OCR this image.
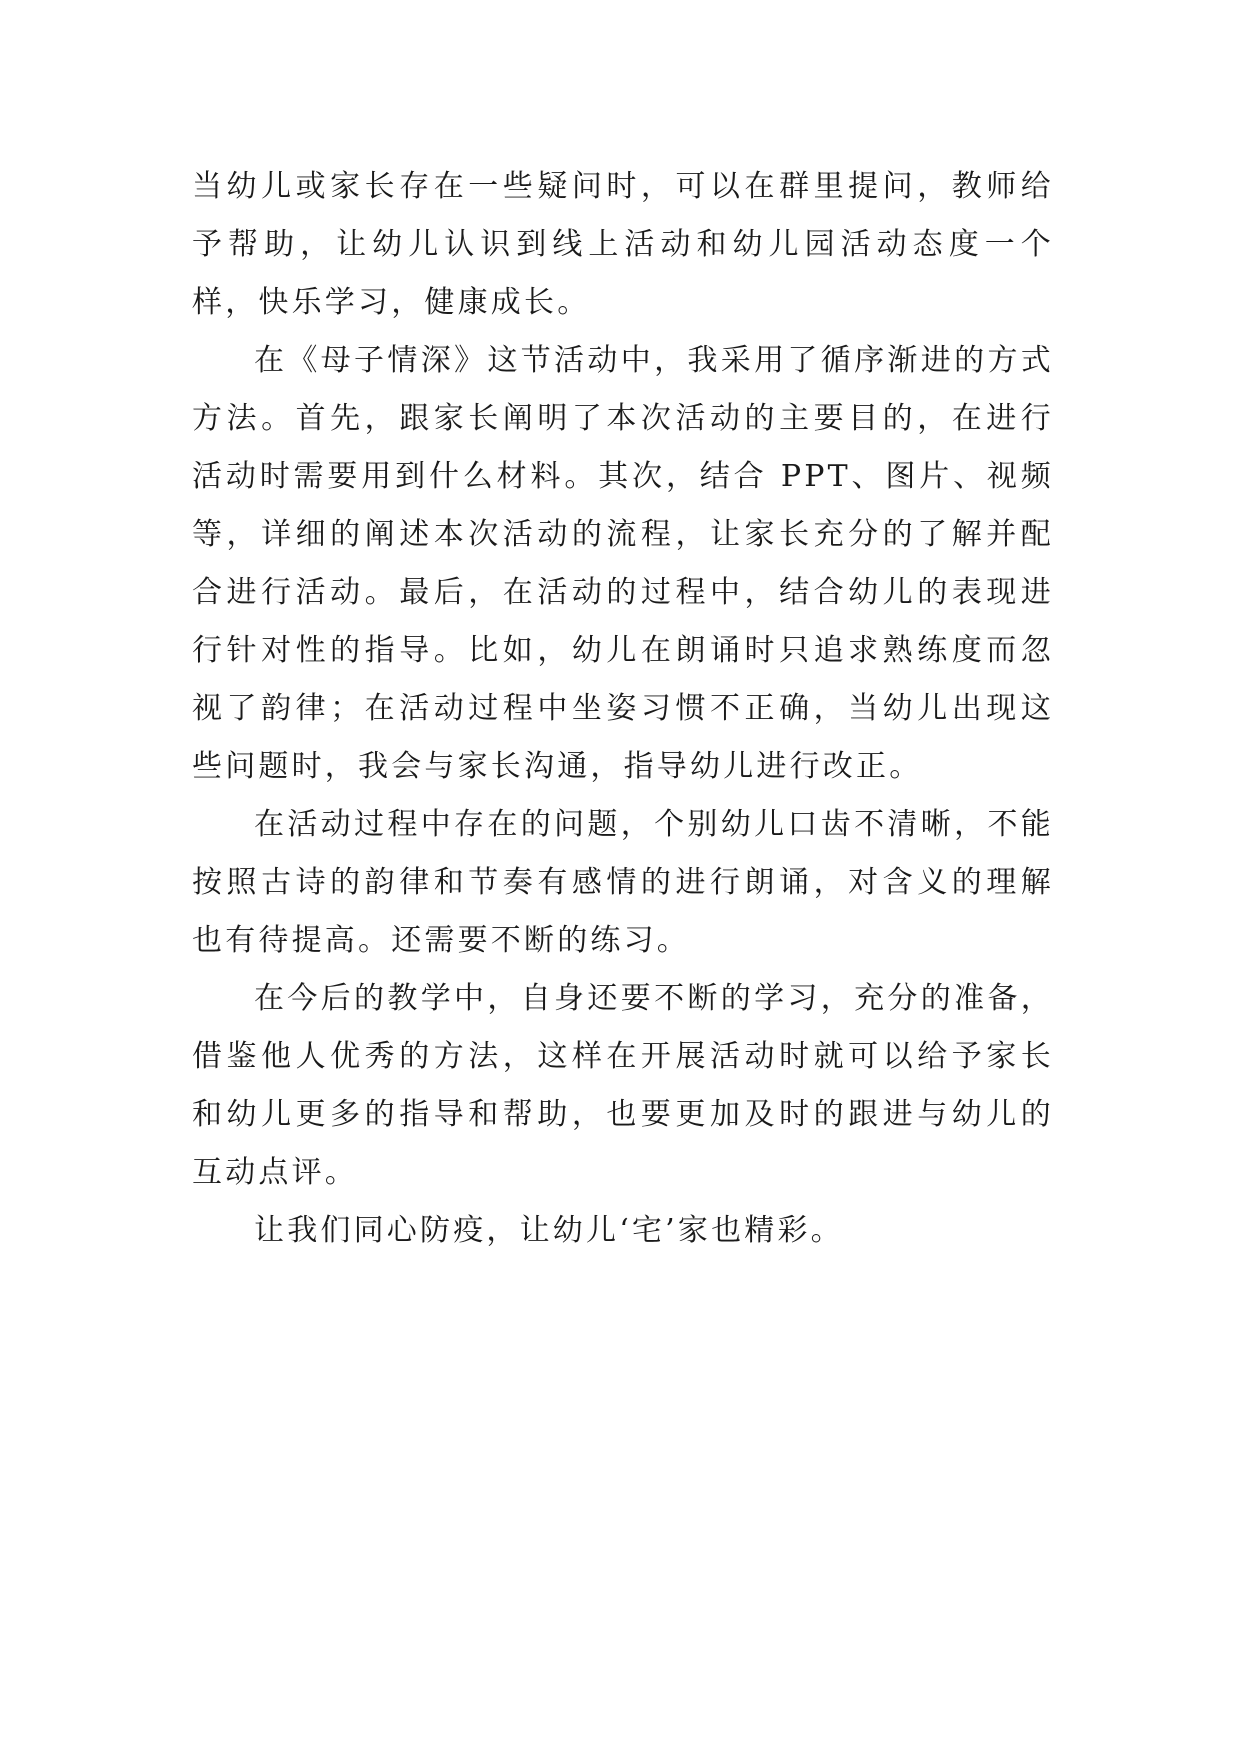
当幼儿或家长存在一些疑问时，可以在群里提问，教师给予帮助，让幼儿认识到线上活动和幼儿园活动态度一个样，快乐学习，健康成长。

在《母子情深》这节活动中，我采用了循序渐进的方式方法。首先，跟家长阐明了本次活动的主要目的，在进行活动时需要用到什么材料。其次，结合 PPT、图片、视频等，详细的阐述本次活动的流程，让家长充分的了解并配合进行活动。最后，在活动的过程中，结合幼儿的表现进行针对性的指导。比如，幼儿在朗诵时只追求熟练度而忽视了韵律；在活动过程中坐姿习惯不正确，当幼儿出现这些问题时，我会与家长沟通，指导幼儿进行改正。

在活动过程中存在的问题，个别幼儿口齿不清晰，不能按照古诗的韵律和节奏有感情的进行朗诵，对含义的理解也有待提高。还需要不断的练习。

在今后的教学中，自身还要不断的学习，充分的准备，借鉴他人优秀的方法，这样在开展活动时就可以给予家长和幼儿更多的指导和帮助，也要更加及时的跟进与幼儿的互动点评。

让我们同心防疫，让幼儿‘宅’家也精彩。
